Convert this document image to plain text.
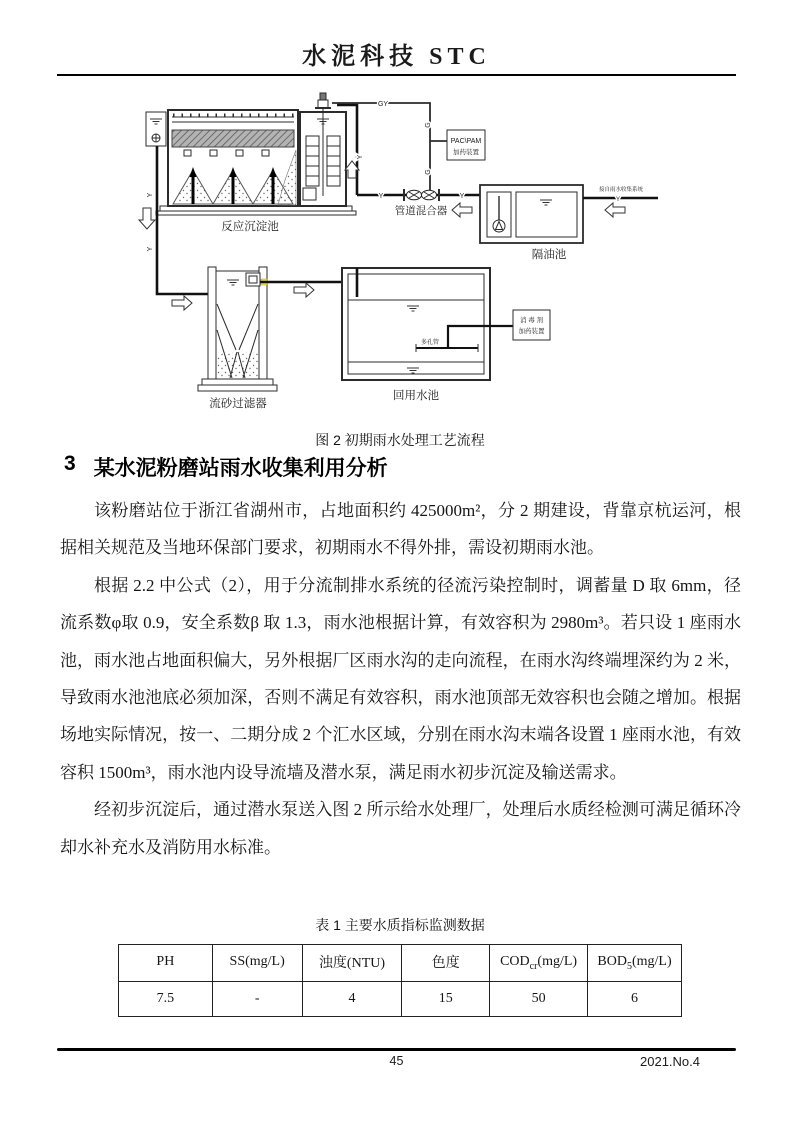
水泥科技 STC
反应沉淀池
GY
G
G
PAC\PAM
加药装置
Y
Y	Y
管道混合器
隔油池
接自雨水收集系统
Y
Y
Y
流砂过滤器
多孔管
回用水池
消 毒 剂
加药装置
图 2 初期雨水处理工艺流程
3 某水泥粉磨站雨水收集利用分析

该粉磨站位于浙江省湖州市，占地面积约 425000m²，分 2 期建设，背靠京杭运河，根据相关规范及当地环保部门要求，初期雨水不得外排，需设初期雨水池。

根据 2.2 中公式（2），用于分流制排水系统的径流污染控制时，调蓄量 D 取 6mm，径流系数φ取 0.9，安全系数β 取 1.3，雨水池根据计算，有效容积为 2980m³。若只设 1 座雨水池，雨水池占地面积偏大，另外根据厂区雨水沟的走向流程，在雨水沟终端埋深约为 2 米，导致雨水池池底必须加深，否则不满足有效容积，雨水池顶部无效容积也会随之增加。根据场地实际情况，按一、二期分成 2 个汇水区域，分别在雨水沟末端各设置 1 座雨水池，有效容积 1500m³，雨水池内设导流墙及潜水泵，满足雨水初步沉淀及输送需求。

经初步沉淀后，通过潜水泵送入图 2 所示给水处理厂，处理后水质经检测可满足循环冷却水补充水及消防用水标准。

表 1 主要水质指标监测数据
PH	SS(mg/L)	浊度(NTU)	色度	$COD_{cr}(mg/L)$	$BOD_5(mg/L)$
7.5	-	4	15	50	6
45	2021.No.4
